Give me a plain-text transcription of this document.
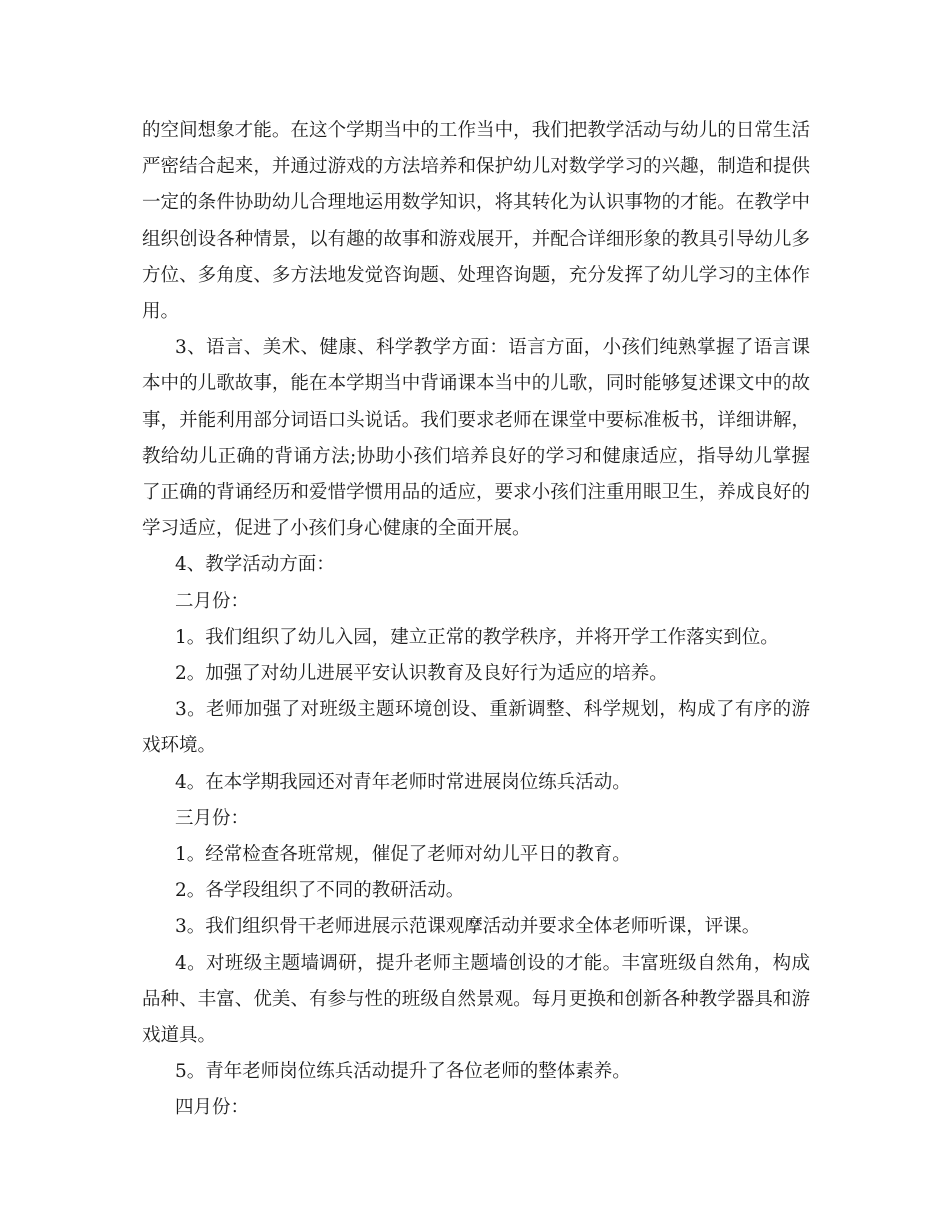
的空间想象才能。在这个学期当中的工作当中，我们把教学活动与幼儿的日常生活严密结合起来，并通过游戏的方法培养和保护幼儿对数学学习的兴趣，制造和提供一定的条件协助幼儿合理地运用数学知识，将其转化为认识事物的才能。在教学中组织创设各种情景，以有趣的故事和游戏展开，并配合详细形象的教具引导幼儿多方位、多角度、多方法地发觉咨询题、处理咨询题，充分发挥了幼儿学习的主体作用。

3、语言、美术、健康、科学教学方面：语言方面，小孩们纯熟掌握了语言课本中的儿歌故事，能在本学期当中背诵课本当中的儿歌，同时能够复述课文中的故事，并能利用部分词语口头说话。我们要求老师在课堂中要标准板书，详细讲解，教给幼儿正确的背诵方法;协助小孩们培养良好的学习和健康适应，指导幼儿掌握了正确的背诵经历和爱惜学惯用品的适应，要求小孩们注重用眼卫生，养成良好的学习适应，促进了小孩们身心健康的全面开展。

4、教学活动方面：

二月份：

1。我们组织了幼儿入园，建立正常的教学秩序，并将开学工作落实到位。

2。加强了对幼儿进展平安认识教育及良好行为适应的培养。

3。老师加强了对班级主题环境创设、重新调整、科学规划，构成了有序的游戏环境。

4。在本学期我园还对青年老师时常进展岗位练兵活动。

三月份：

1。经常检查各班常规，催促了老师对幼儿平日的教育。

2。各学段组织了不同的教研活动。

3。我们组织骨干老师进展示范课观摩活动并要求全体老师听课，评课。

4。对班级主题墙调研，提升老师主题墙创设的才能。丰富班级自然角，构成品种、丰富、优美、有参与性的班级自然景观。每月更换和创新各种教学器具和游戏道具。

5。青年老师岗位练兵活动提升了各位老师的整体素养。

四月份：
